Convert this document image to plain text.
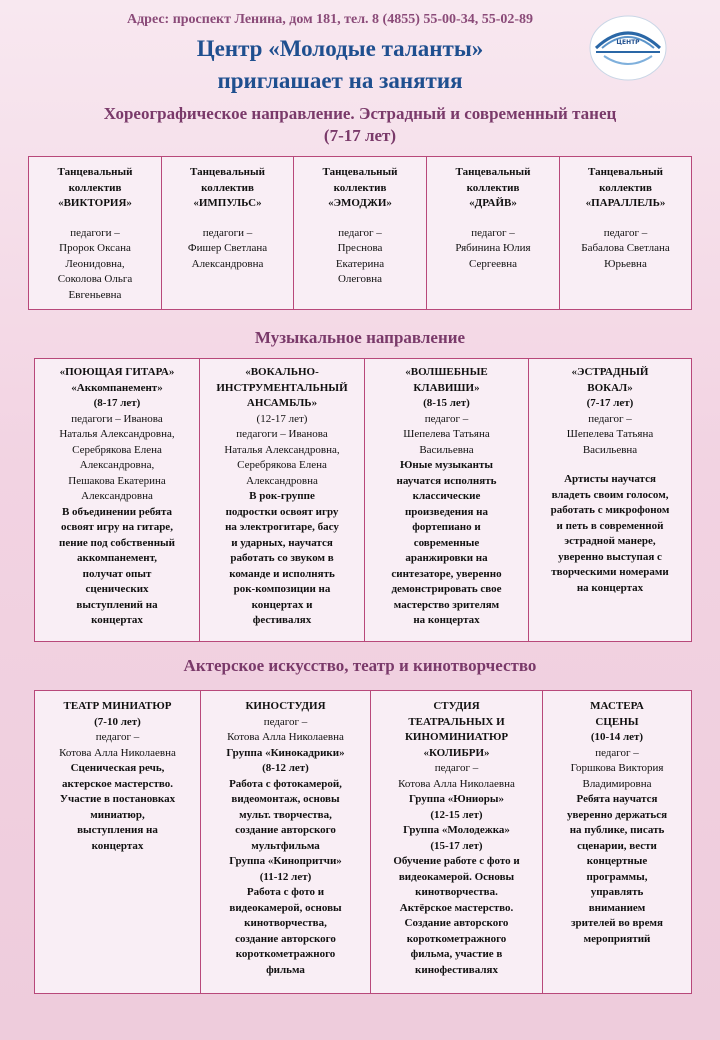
Адрес: проспект Ленина, дом 181, тел. 8 (4855) 55-00-34, 55-02-89
ЦЕНТР
Центр «Молодые таланты»
приглашает на занятия
Хореографическое направление. Эстрадный и современный танец
(7-17 лет)
Танцевальный
коллектив
«ВИКТОРИЯ»
педагоги –
Пророк Оксана
Леонидовна,
Соколова Ольга
Евгеньевна
Танцевальный
коллектив
«ИМПУЛЬС»
педагоги –
Фишер Светлана
Александровна
Танцевальный
коллектив
«ЭМОДЖИ»
педагог –
Преснова
Екатерина
Олеговна
Танцевальный
коллектив
«ДРАЙВ»
педагог –
Рябинина Юлия
Сергеевна
Танцевальный
коллектив
«ПАРАЛЛЕЛЬ»
педагог –
Бабалова Светлана
Юрьевна
Музыкальное направление
«ПОЮЩАЯ ГИТАРА»
«Аккомпанемент»
(8-17 лет)
педагоги – Иванова
Наталья Александровна,
Серебрякова Елена
Александровна,
Пешакова Екатерина
Александровна
В объединении ребята
освоят игру на гитаре,
пение под собственный
аккомпанемент,
получат опыт
сценических
выступлений на
концертах
«ВОКАЛЬНО-
ИНСТРУМЕНТАЛЬНЫЙ
АНСАМБЛЬ»
(12-17 лет)
педагоги – Иванова
Наталья Александровна,
Серебрякова Елена
Александровна
В рок-группе
подростки освоят игру
на электрогитаре, басу
и ударных, научатся
работать со звуком в
команде и исполнять
рок-композиции на
концертах и
фестивалях
«ВОЛШЕБНЫЕ
КЛАВИШИ»
(8-15 лет)
педагог –
Шепелева Татьяна
Васильевна
Юные музыканты
научатся исполнять
классические
произведения на
фортепиано и
современные
аранжировки на
синтезаторе, уверенно
демонстрировать свое
мастерство зрителям
на концертах
«ЭСТРАДНЫЙ
ВОКАЛ»
(7-17 лет)
педагог –
Шепелева Татьяна
Васильевна
Артисты научатся
владеть своим голосом,
работать с микрофоном
и петь в современной
эстрадной манере,
уверенно выступая с
творческими номерами
на концертах
Актерское искусство, театр и кинотворчество
ТЕАТР МИНИАТЮР
(7-10 лет)
педагог –
Котова Алла Николаевна
Сценическая речь,
актерское мастерство.
Участие в постановках
миниатюр,
выступления на
концертах
КИНОСТУДИЯ
педагог –
Котова Алла Николаевна
Группа «Кинокадрики»
(8-12 лет)
Работа с фотокамерой,
видеомонтаж, основы
мульт. творчества,
создание авторского
мультфильма
Группа «Кинопритчи»
(11-12 лет)
Работа с фото и
видеокамерой, основы
кинотворчества,
создание авторского
короткометражного
фильма
СТУДИЯ
ТЕАТРАЛЬНЫХ И
КИНОМИНИАТЮР
«КОЛИБРИ»
педагог –
Котова Алла Николаевна
Группа «Юниоры»
(12-15 лет)
Группа «Молодежка»
(15-17 лет)
Обучение работе с фото и
видеокамерой. Основы
кинотворчества.
Актёрское мастерство.
Создание авторского
короткометражного
фильма, участие в
кинофестивалях
МАСТЕРА
СЦЕНЫ
(10-14 лет)
педагог –
Горшкова Виктория
Владимировна
Ребята научатся
уверенно держаться
на публике, писать
сценарии, вести
концертные
программы,
управлять
вниманием
зрителей во время
мероприятий
